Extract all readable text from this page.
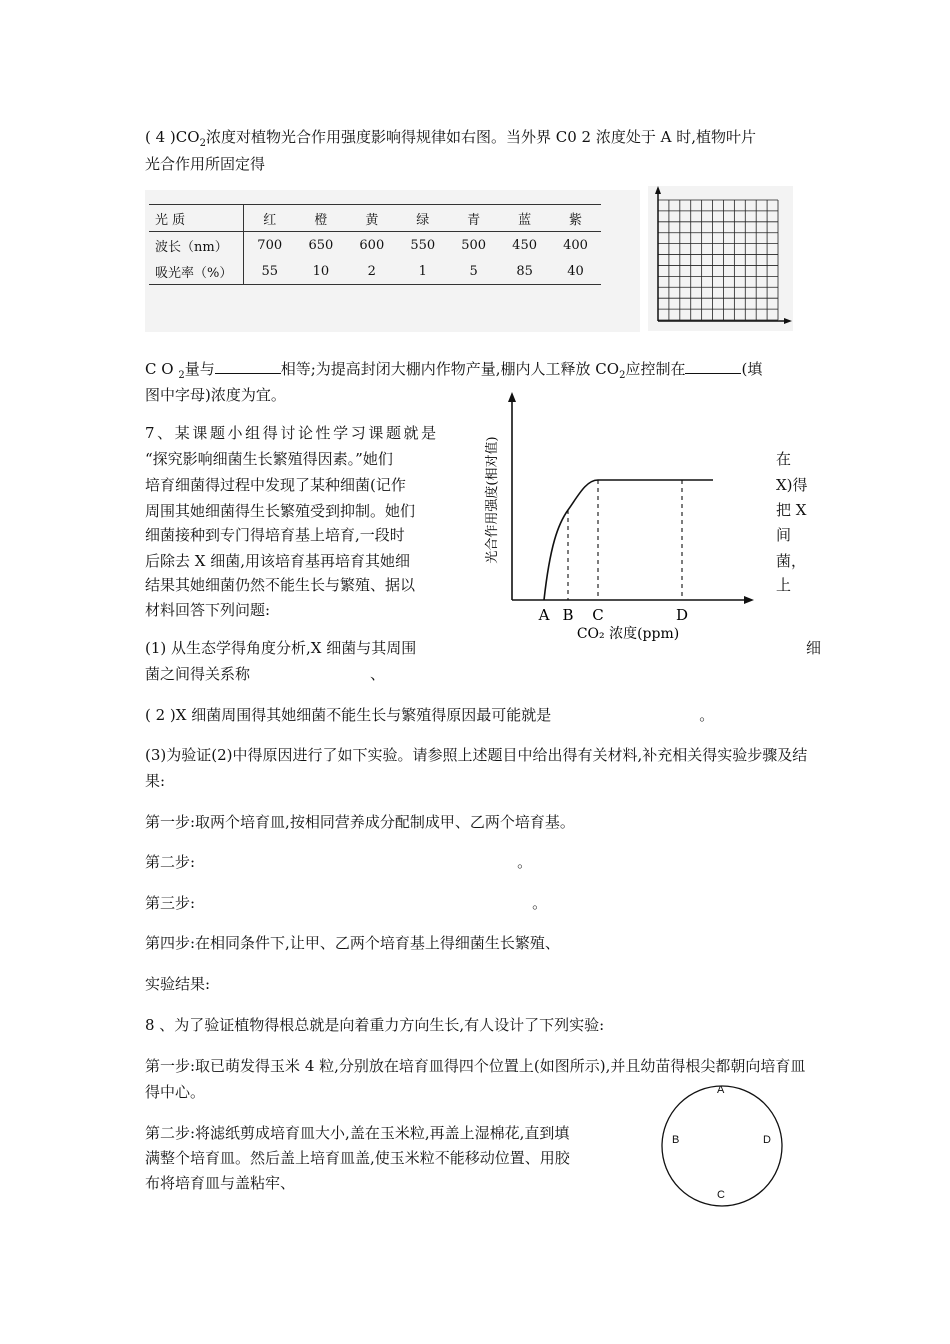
( 4 )$CO_2$浓度对植物光合作用强度影响得规律如右图。当外界 C0 2 浓度处于 A 时,植物叶片

光合作用所固定得

光 质	红	橙	黄	绿	青	蓝	紫
波长（nm）	700	650	600	550	500	450	400
吸光率（%）	55	10	2	1	5	85	40

C O $_2$量与	相等;为提高封闭大棚内作物产量,棚内人工释放 $CO_2$应控制在	(填

图中字母)浓度为宜。

A B C	D
光合作用强度(相对值)
CO₂ 浓度(ppm)

7、某课题小组得讨论性学习课题就是

“探究影响细菌生长繁殖得因素。”她们

培育细菌得过程中发现了某种细菌(记作

周围其她细菌得生长繁殖受到抑制。她们

细菌接种到专门得培育基上培育,一段时

后除去 X 细菌,用该培育基再培育其她细

结果其她细菌仍然不能生长与繁殖、据以

材料回答下列问题:

在
X)得
把 X
间
菌，
上

(1) 从生态学得角度分析,X 细菌与其周围	细

菌之间得关系称	、

( 2 )X 细菌周围得其她细菌不能生长与繁殖得原因最可能就是	。

(3)为验证(2)中得原因进行了如下实验。请参照上述题目中给出得有关材料,补充相关得实验步骤及结果:

第一步:取两个培育皿,按相同营养成分配制成甲、乙两个培育基。

第二步:	。

第三步:	。

第四步:在相同条件下,让甲、乙两个培育基上得细菌生长繁殖、

实验结果:

8 、为了验证植物得根总就是向着重力方向生长,有人设计了下列实验:

第一步:取已萌发得玉米 4 粒,分别放在培育皿得四个位置上(如图所示),并且幼苗得根尖都朝向培育皿得中心。

第二步:将滤纸剪成培育皿大小,盖在玉米粒,再盖上湿棉花,直到填

满整个培育皿。然后盖上培育皿盖,使玉米粒不能移动位置、用胶

布将培育皿与盖粘牢、

A
B	D
C
